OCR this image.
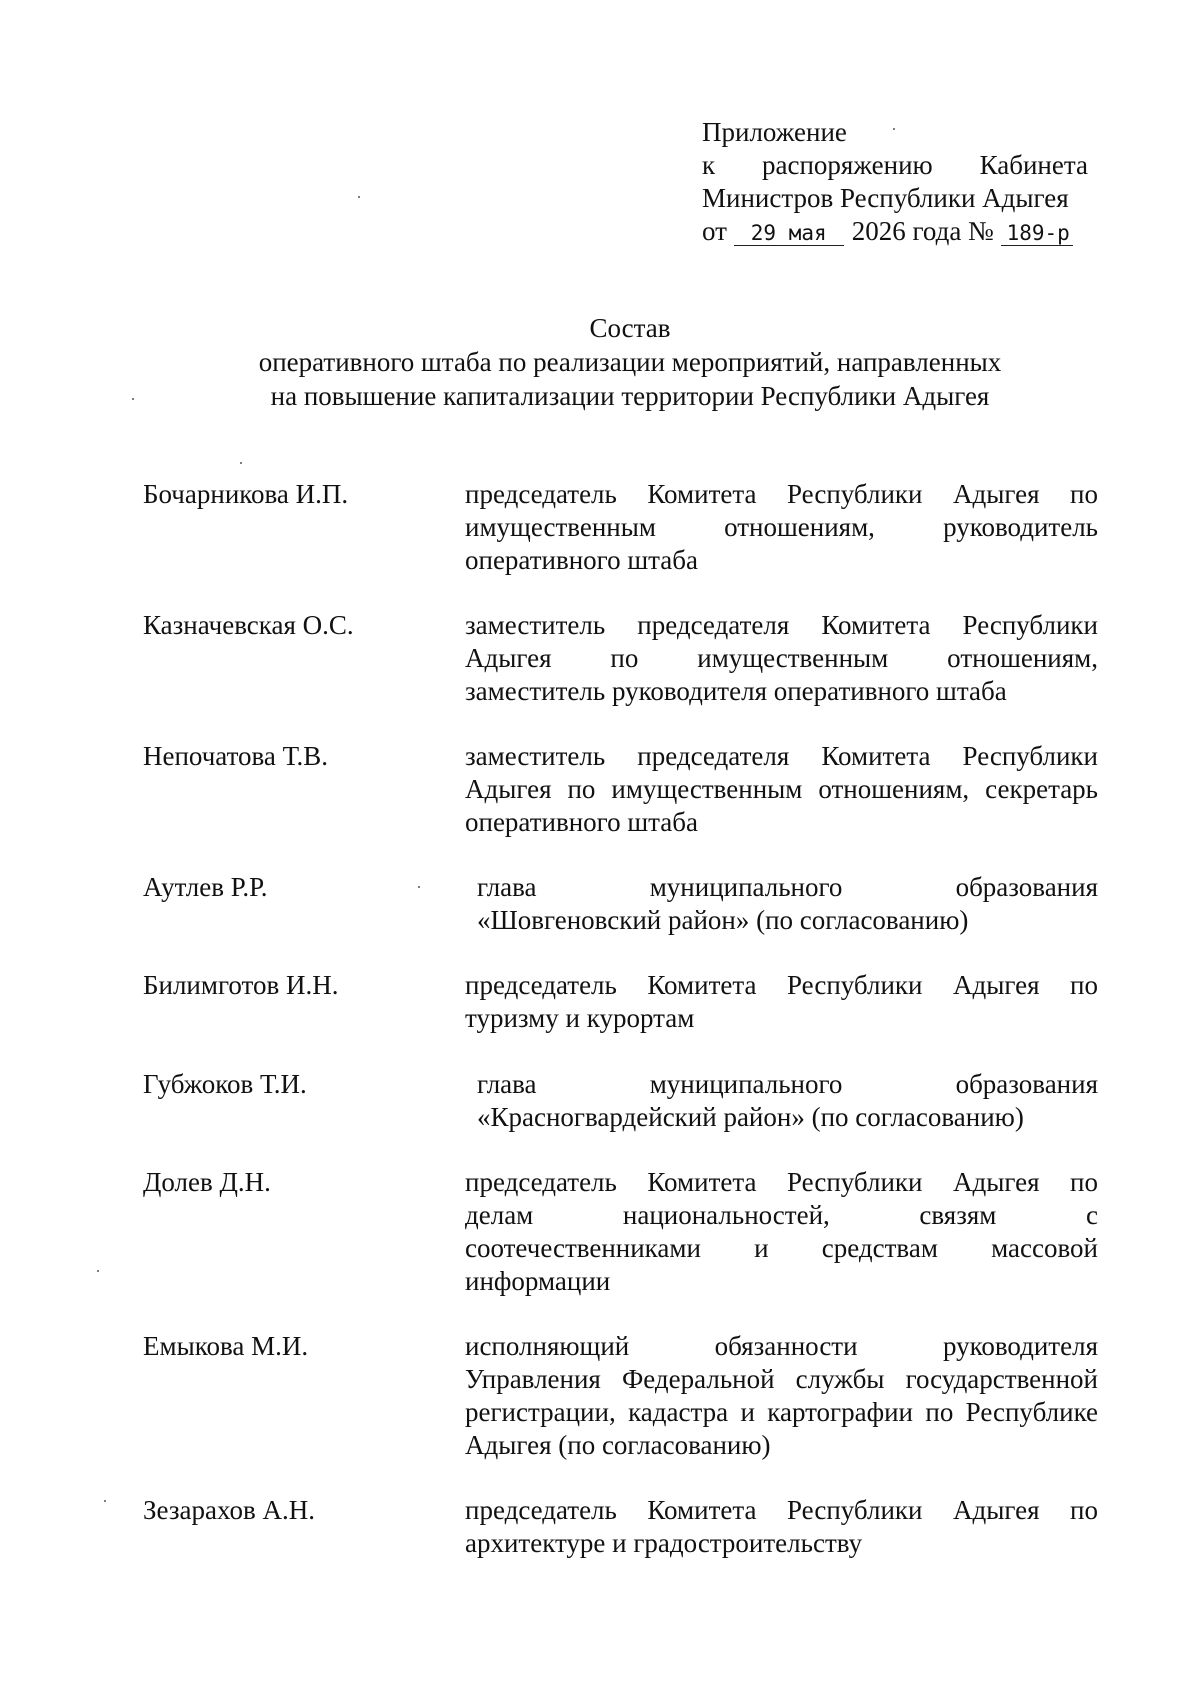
Приложение
к распоряжению Кабинета
Министров Республики Адыгея
от 29 мая 2026 года № 189-р
Состав
оперативного штаба по реализации мероприятий, направленных
на повышение капитализации территории Республики Адыгея
Бочарникова И.П.	председатель Комитета Республики Адыгея по
имущественным отношениям, руководитель
оперативного штаба
Казначевская О.С.	заместитель председателя Комитета Республики
Адыгея по имущественным отношениям,
заместитель руководителя оперативного штаба
Непочатова Т.В.	заместитель председателя Комитета Республики
Адыгея по имущественным отношениям, секретарь
оперативного штаба
Аутлев Р.Р.	глава муниципального образования
«Шовгеновский район» (по согласованию)
Билимготов И.Н.	председатель Комитета Республики Адыгея по
туризму и курортам
Губжоков Т.И.	глава муниципального образования
«Красногвардейский район» (по согласованию)
Долев Д.Н.	председатель Комитета Республики Адыгея по
делам национальностей, связям с
соотечественниками и средствам массовой
информации
Емыкова М.И.	исполняющий обязанности руководителя
Управления Федеральной службы государственной
регистрации, кадастра и картографии по Республике
Адыгея (по согласованию)
Зезарахов А.Н.	председатель Комитета Республики Адыгея по
архитектуре и градостроительству
